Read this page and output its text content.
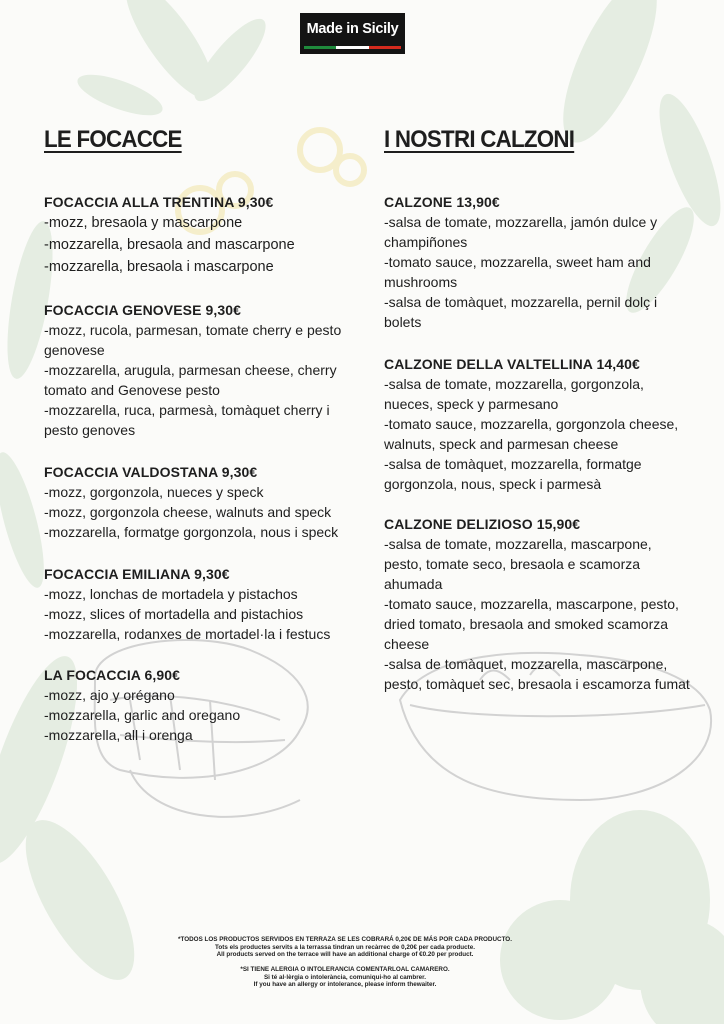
Made in Sicily
LE FOCACCE

FOCACCIA ALLA TRENTINA 9,30€

-mozz, bresaola y mascarpone
-mozzarella, bresaola and mascarpone
-mozzarella, bresaola i mascarpone

FOCACCIA GENOVESE 9,30€

-mozz, rucola, parmesan, tomate cherry e pesto
genovese
-mozzarella, arugula, parmesan cheese, cherry
tomato and Genovese pesto
-mozzarella, ruca, parmesà, tomàquet cherry i
pesto genoves

FOCACCIA VALDOSTANA 9,30€

-mozz, gorgonzola, nueces y speck
-mozz, gorgonzola cheese, walnuts and speck
-mozzarella, formatge gorgonzola, nous i speck

FOCACCIA EMILIANA 9,30€

-mozz, lonchas de mortadela y pistachos
-mozz, slices of mortadella and pistachios
-mozzarella, rodanxes de mortadel·la i festucs

LA FOCACCIA 6,90€

-mozz, ajo y orégano
-mozzarella, garlic and oregano
-mozzarella, all i orenga
I NOSTRI CALZONI

CALZONE 13,90€

-salsa de tomate, mozzarella, jamón dulce y
champiñones
-tomato sauce, mozzarella, sweet ham and
mushrooms
-salsa de tomàquet, mozzarella, pernil dolç i
bolets

CALZONE DELLA VALTELLINA 14,40€

-salsa de tomate, mozzarella, gorgonzola,
nueces, speck y parmesano
-tomato sauce, mozzarella, gorgonzola cheese,
walnuts, speck and parmesan cheese
-salsa de tomàquet, mozzarella, formatge
gorgonzola, nous, speck i parmesà

CALZONE DELIZIOSO 15,90€

-salsa de tomate, mozzarella, mascarpone,
pesto, tomate seco, bresaola e scamorza
ahumada
-tomato sauce, mozzarella, mascarpone, pesto,
dried tomato, bresaola and smoked scamorza
cheese
-salsa de tomàquet, mozzarella, mascarpone,
pesto, tomàquet sec, bresaola i escamorza fumat
*TODOS LOS PRODUCTOS SERVIDOS EN TERRAZA SE LES COBRARÁ 0,20€ DE MÁS POR CADA PRODUCTO.
Tots els productes servits a la terrassa tindran un recàrrec de 0,20€ per cada producte.
All products served on the terrace will have an additional charge of €0.20 per product.
*SI TIENE ALERGIA O INTOLERANCIA COMENTARLOAL CAMARERO.
Si té al·lèrgia o intolerància, comuniqui-ho al cambrer.
If you have an allergy or intolerance, please inform thewaiter.
